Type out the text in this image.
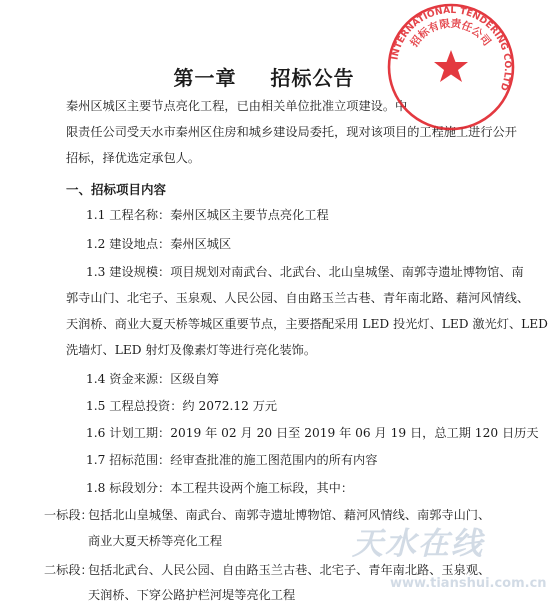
第一章 招标公告
秦州区城区主要节点亮化工程，已由相关单位批准立项建设。中
限责任公司受天水市秦州区住房和城乡建设局委托，现对该项目的工程施工进行公开
招标，择优选定承包人。
一、招标项目内容
1.1 工程名称：秦州区城区主要节点亮化工程
1.2 建设地点：秦州区城区
1.3 建设规模：项目规划对南武台、北武台、北山皇城堡、南郭寺遗址博物馆、南
郭寺山门、北宅子、玉泉观、人民公园、自由路玉兰古巷、青年南北路、藉河风情线、
天润桥、商业大夏天桥等城区重要节点，主要搭配采用 LED 投光灯、LED 激光灯、LED
洗墙灯、LED 射灯及像素灯等进行亮化装饰。
1.4 资金来源：区级自筹
1.5 工程总投资：约 2072.12 万元
1.6 计划工期：2019 年 02 月 20 日至 2019 年 06 月 19 日，总工期 120 日历天
1.7 招标范围：经审查批准的施工图范围内的所有内容
1.8 标段划分：本工程共设两个施工标段，其中：
一标段：包括北山皇城堡、南武台、南郭寺遗址博物馆、藉河风情线、南郭寺山门、
商业大夏天桥等亮化工程
二标段：包括北武台、人民公园、自由路玉兰古巷、北宅子、青年南北路、玉泉观、
天润桥、下穿公路护栏河堤等亮化工程
INTERNATIONAL TENDERING CO.LTD
招标有限责任公司
天水在线
www.tianshui.com.cn
